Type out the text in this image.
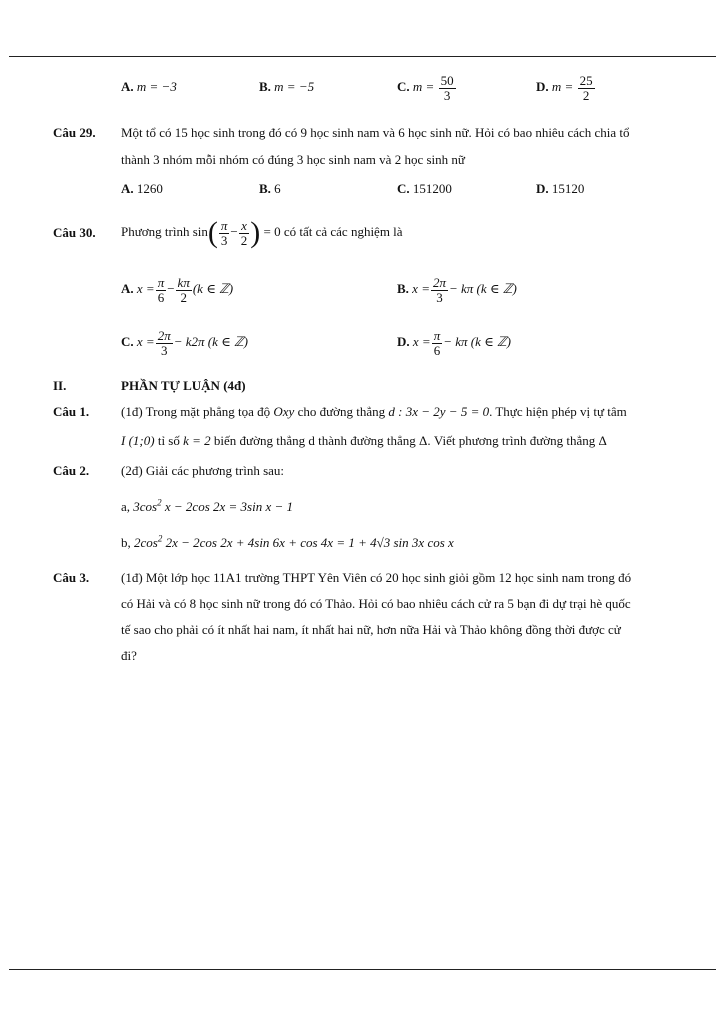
A. m = −3	B. m = −5	C. $m = \frac{50}{3}$	D. $m = \frac{25}{2}$
Câu 29. Một tổ có 15 học sinh trong đó có 9 học sinh nam và 6 học sinh nữ. Hỏi có bao nhiêu cách chia tổ
thành 3 nhóm mỗi nhóm có đúng 3 học sinh nam và 2 học sinh nữ
A. 1260	B. 6	C. 151200	D. 15120
Câu 30. Phương trình $\sin( \frac{\pi}{3} - \frac{x}{2}$ ) = 0 có tất cả các nghiệm là
A. $x = \frac{\pi}{6} - \frac{k\pi}{2} (k$ ∈ ℤ)	B. $x = \frac{2\pi}{3} - k\pi$ (k ∈ ℤ)
C. $x = \frac{2\pi}{3} - k2\pi$ (k ∈ ℤ)	D. $x = \frac{\pi}{6} - k\pi$ (k ∈ ℤ)
II.	PHẦN TỰ LUẬN (4đ)
Câu 1. (1đ) Trong mặt phẳng tọa độ Oxy cho đường thẳng d : 3x − 2y − 5 = 0. Thực hiện phép vị tự tâm
I (1;0) tỉ số k = 2 biến đường thẳng d thành đường thẳng Δ. Viết phương trình đường thẳng Δ
Câu 2. (2đ) Giải các phương trình sau:
a, $3\cos^2$ x − 2cos 2x = 3sin x − 1
b, $2\cos^2$ 2x − 2cos 2x + 4sin 6x + cos 4x = 1 + 4√3 sin 3x cos x
Câu 3. (1đ) Một lớp học 11A1 trường THPT Yên Viên có 20 học sinh giỏi gồm 12 học sinh nam trong đó
có Hải và có 8 học sinh nữ trong đó có Thảo. Hỏi có bao nhiêu cách cử ra 5 bạn đi dự trại hè quốc
tế sao cho phải có ít nhất hai nam, ít nhất hai nữ, hơn nữa Hải và Thảo không đồng thời được cử
đi?
